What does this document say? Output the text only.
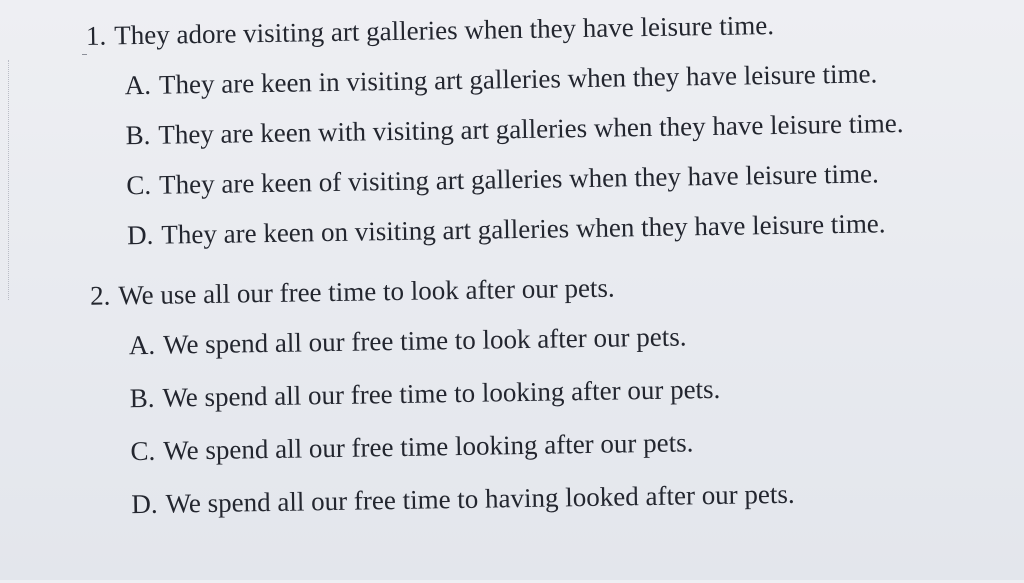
1. They adore visiting art galleries when they have leisure time.
A. They are keen in visiting art galleries when they have leisure time.
B. They are keen with visiting art galleries when they have leisure time.
C. They are keen of visiting art galleries when they have leisure time.
D. They are keen on visiting art galleries when they have leisure time.
2. We use all our free time to look after our pets.
A. We spend all our free time to look after our pets.
B. We spend all our free time to looking after our pets.
C. We spend all our free time looking after our pets.
D. We spend all our free time to having looked after our pets.
